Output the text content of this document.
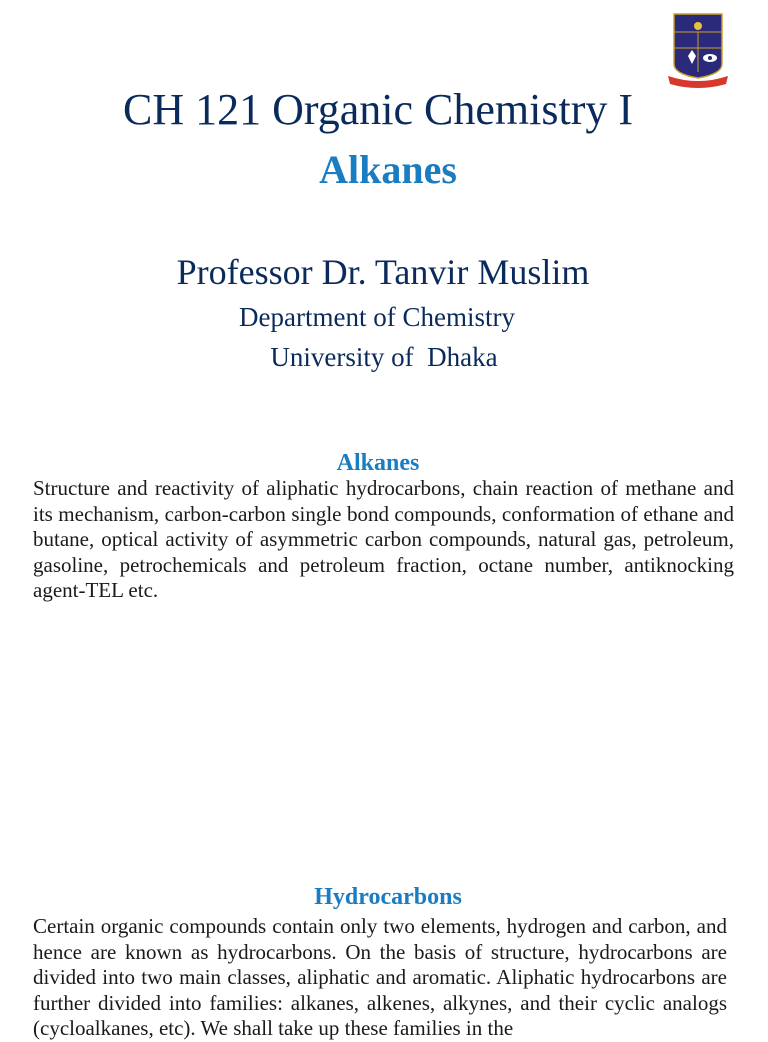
CH 121 Organic Chemistry I
Alkanes
Professor Dr. Tanvir Muslim
Department of Chemistry
University of  Dhaka
Alkanes

Structure and reactivity of aliphatic hydrocarbons, chain reaction of methane and its mechanism, carbon-carbon single bond compounds, conformation of ethane and butane, optical activity of asymmetric carbon compounds, natural gas, petroleum, gasoline, petrochemicals and petroleum fraction, octane number, antiknocking agent-TEL etc.

Hydrocarbons

Certain organic compounds contain only two elements, hydrogen and carbon, and hence are known as hydrocarbons. On the basis of structure, hydrocarbons are divided into two main classes, aliphatic and aromatic. Aliphatic hydrocarbons are further divided into families: alkanes, alkenes, alkynes, and their cyclic analogs (cycloalkanes, etc). We shall take up these families in the
